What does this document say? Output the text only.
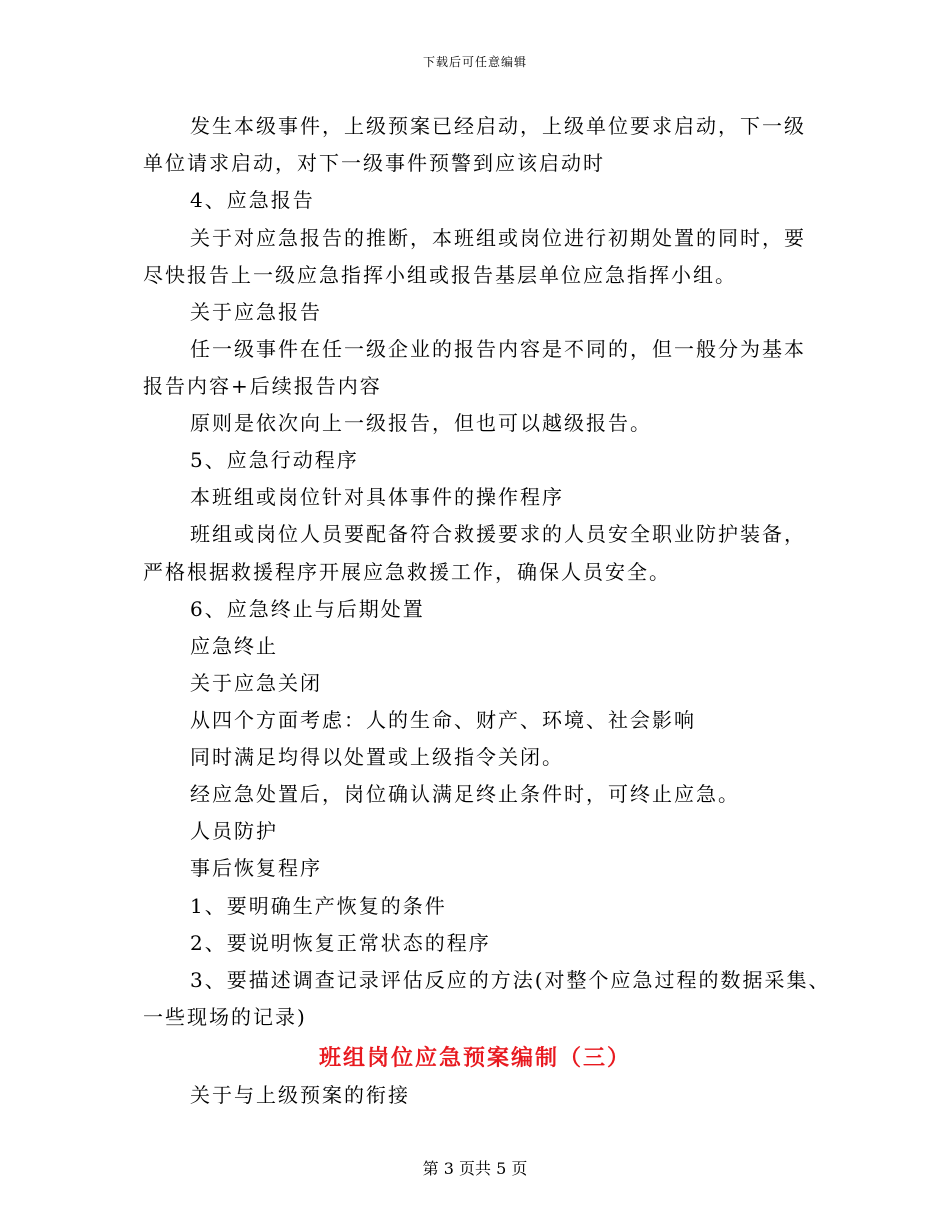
下载后可任意编辑
发生本级事件，上级预案已经启动，上级单位要求启动，下一级
单位请求启动，对下一级事件预警到应该启动时
4、应急报告
关于对应急报告的推断，本班组或岗位进行初期处置的同时，要
尽快报告上一级应急指挥小组或报告基层单位应急指挥小组。
关于应急报告
任一级事件在任一级企业的报告内容是不同的，但一般分为基本
报告内容+后续报告内容
原则是依次向上一级报告，但也可以越级报告。
5、应急行动程序
本班组或岗位针对具体事件的操作程序
班组或岗位人员要配备符合救援要求的人员安全职业防护装备，
严格根据救援程序开展应急救援工作，确保人员安全。
6、应急终止与后期处置
应急终止
关于应急关闭
从四个方面考虑：人的生命、财产、环境、社会影响
同时满足均得以处置或上级指令关闭。
经应急处置后，岗位确认满足终止条件时，可终止应急。
人员防护
事后恢复程序
1、要明确生产恢复的条件
2、要说明恢复正常状态的程序
3、要描述调查记录评估反应的方法(对整个应急过程的数据采集、
一些现场的记录)
班组岗位应急预案编制（三）
关于与上级预案的衔接
第 3 页共 5 页
